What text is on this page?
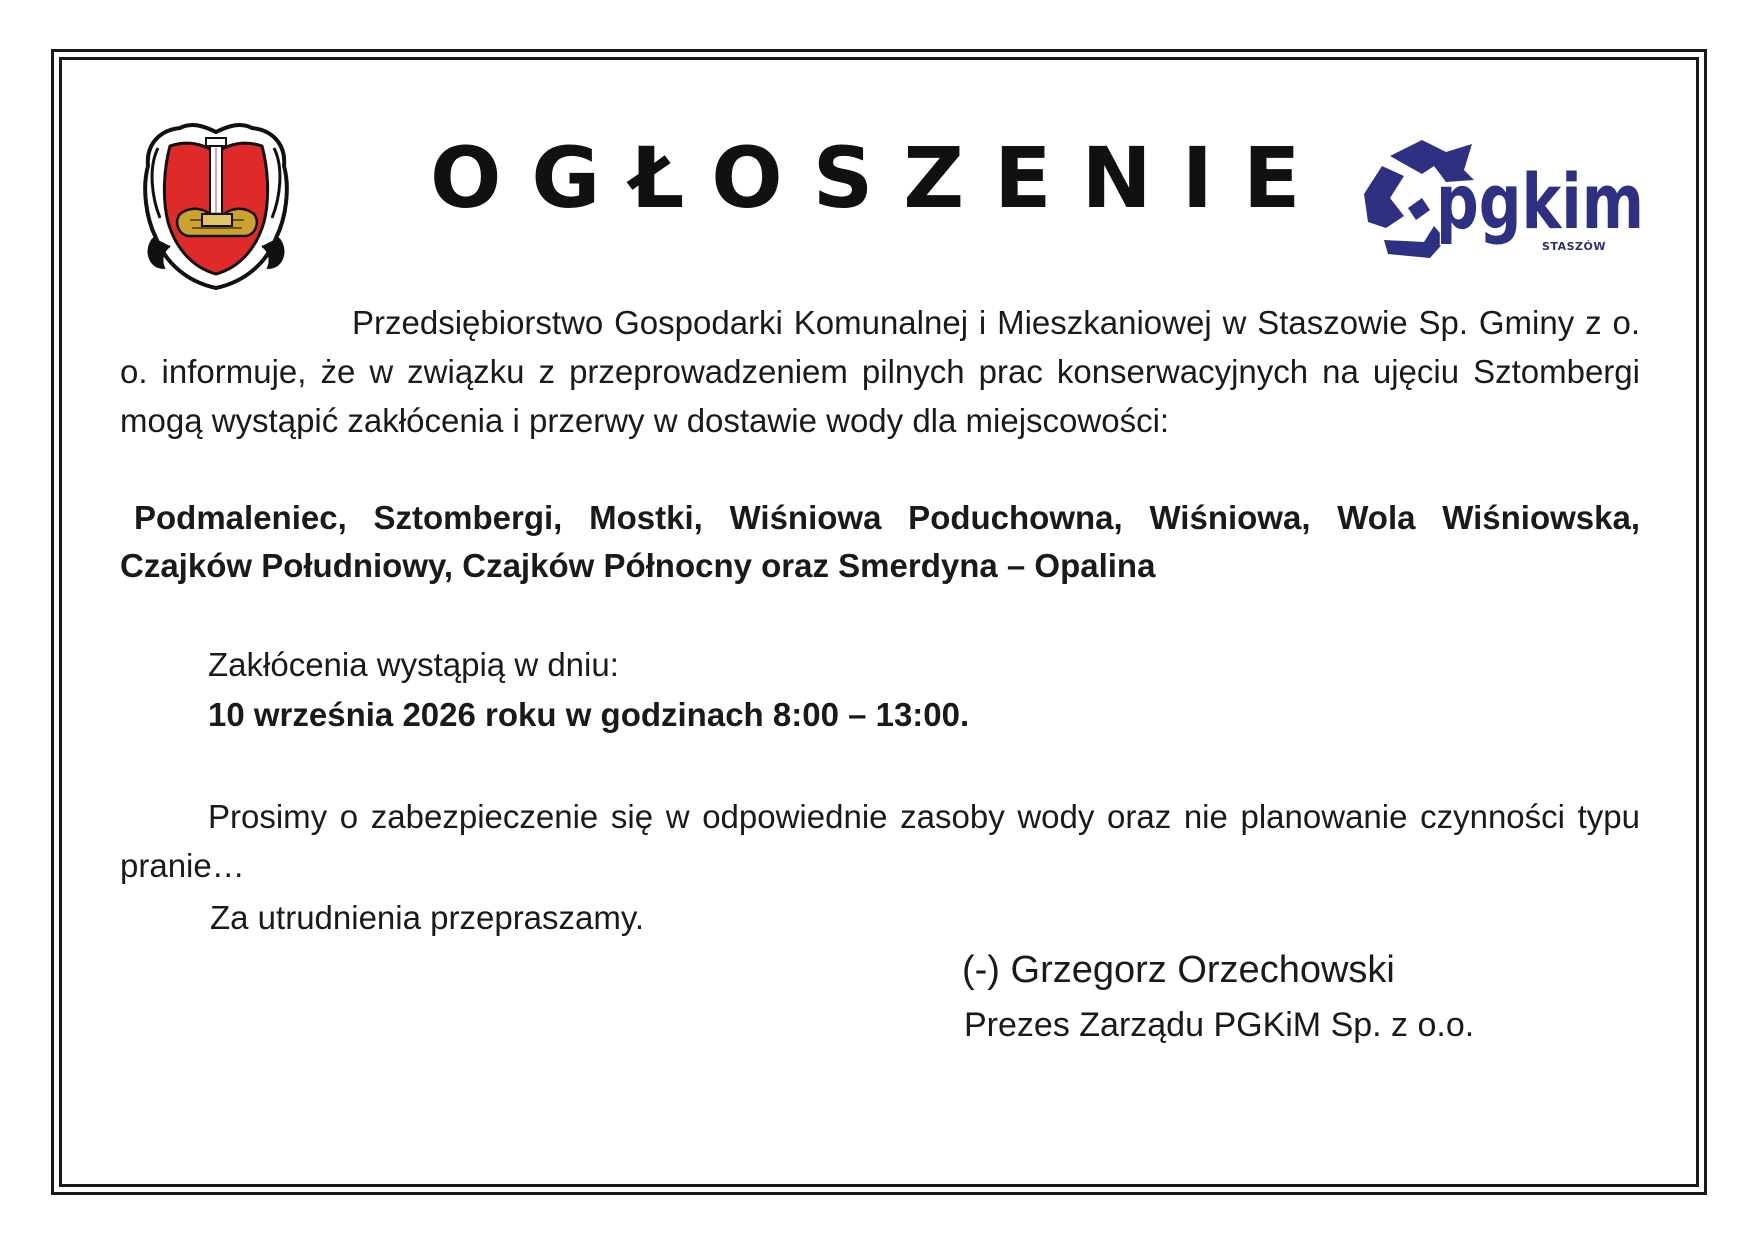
OGŁOSZENIE pgkim
STASZÓW
Przedsiębiorstwo Gospodarki Komunalnej i Mieszkaniowej w Staszowie Sp. Gminy z o. o. informuje, że w związku z przeprowadzeniem pilnych prac konserwacyjnych na ujęciu Sztombergi mogą wystąpić zakłócenia i przerwy w dostawie wody dla miejscowości:
Podmaleniec, Sztombergi, Mostki, Wiśniowa Poduchowna, Wiśniowa, Wola Wiśniowska, Czajków Południowy, Czajków Północny oraz Smerdyna – Opalina
Zakłócenia wystąpią w dniu:
10 września 2026 roku w godzinach 8:00 – 13:00.
Prosimy o zabezpieczenie się w odpowiednie zasoby wody oraz nie planowanie czynności typu pranie…
Za utrudnienia przepraszamy.
(-) Grzegorz Orzechowski
Prezes Zarządu PGKiM Sp. z o.o.
